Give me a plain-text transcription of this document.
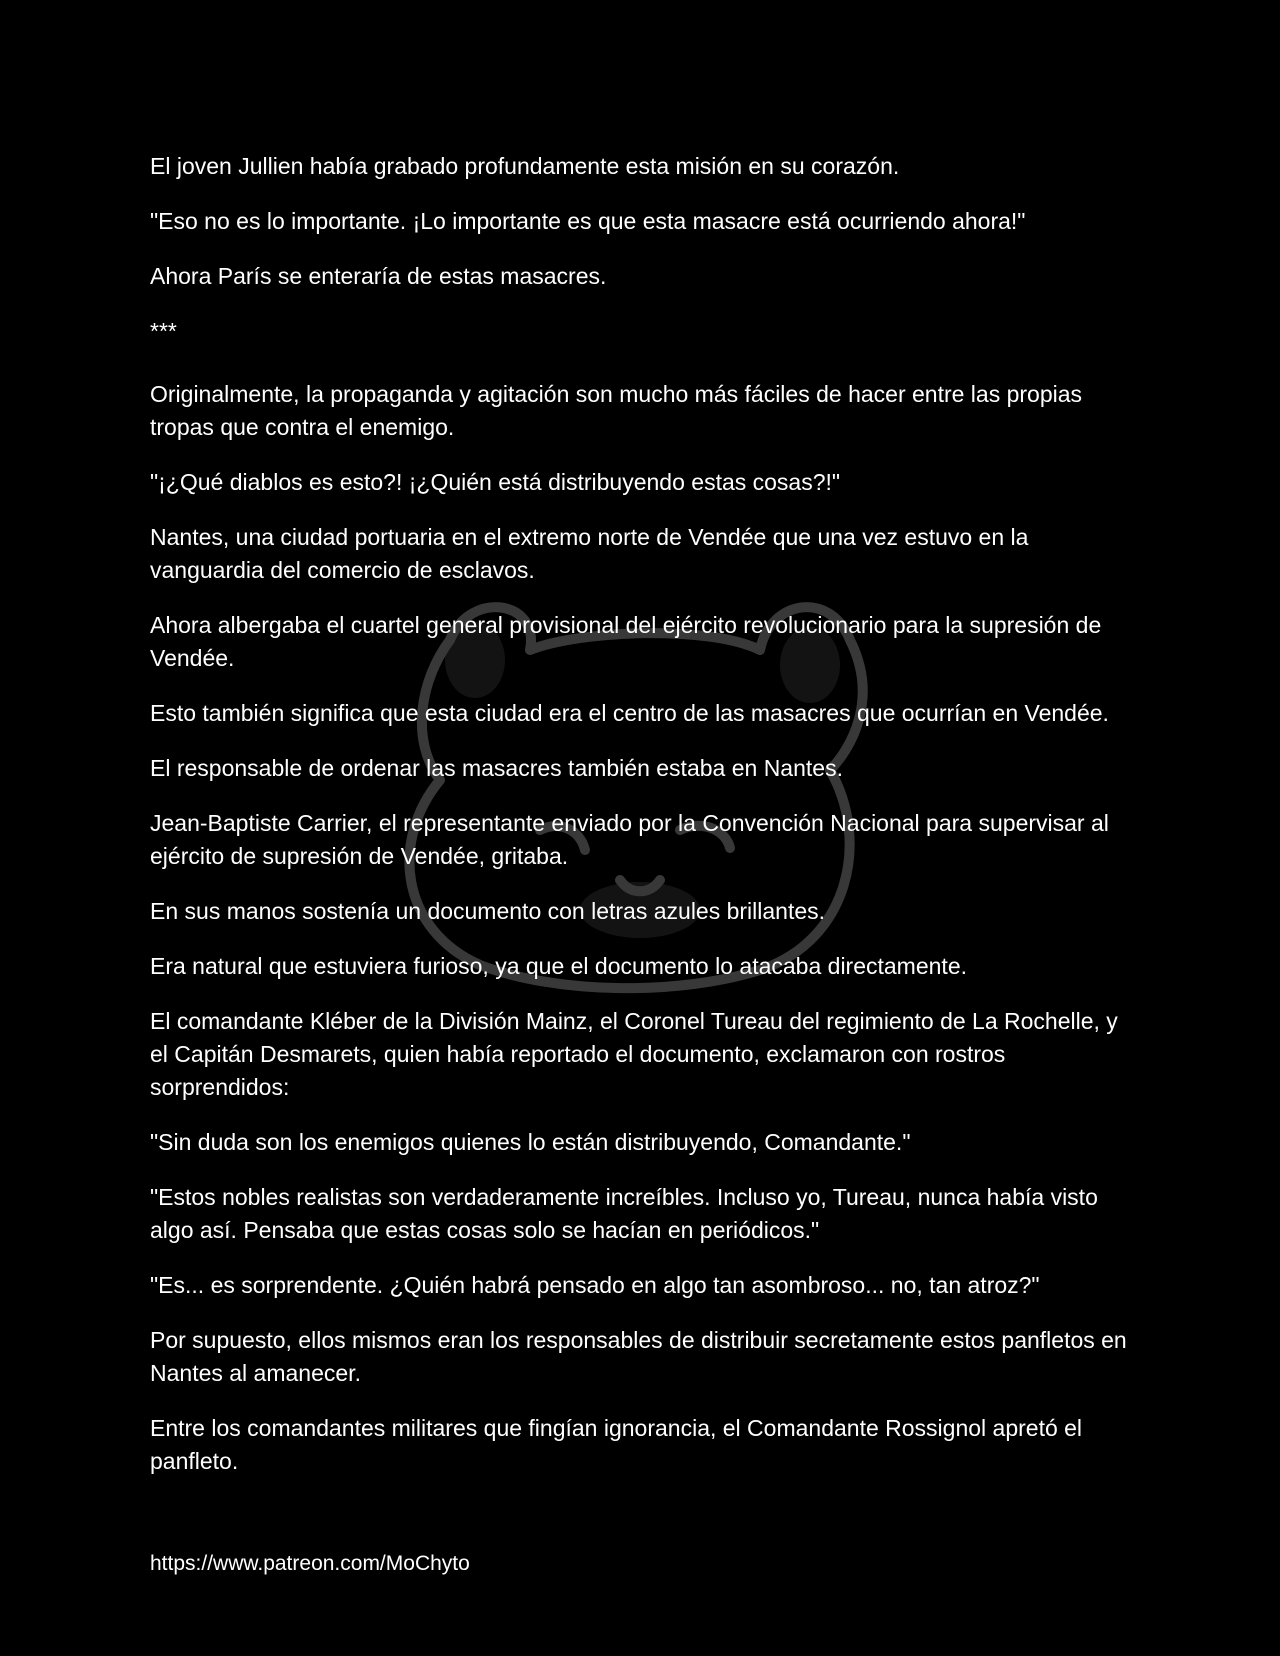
El joven Jullien había grabado profundamente esta misión en su corazón.

"Eso no es lo importante. ¡Lo importante es que esta masacre está ocurriendo ahora!"

Ahora París se enteraría de estas masacres.

***

Originalmente, la propaganda y agitación son mucho más fáciles de hacer entre las propias tropas que contra el enemigo.

"¡¿Qué diablos es esto?! ¡¿Quién está distribuyendo estas cosas?!"

Nantes, una ciudad portuaria en el extremo norte de Vendée que una vez estuvo en la vanguardia del comercio de esclavos.

Ahora albergaba el cuartel general provisional del ejército revolucionario para la supresión de Vendée.

Esto también significa que esta ciudad era el centro de las masacres que ocurrían en Vendée.

El responsable de ordenar las masacres también estaba en Nantes.

Jean-Baptiste Carrier, el representante enviado por la Convención Nacional para supervisar al ejército de supresión de Vendée, gritaba.

En sus manos sostenía un documento con letras azules brillantes.

Era natural que estuviera furioso, ya que el documento lo atacaba directamente.

El comandante Kléber de la División Mainz, el Coronel Tureau del regimiento de La Rochelle, y el Capitán Desmarets, quien había reportado el documento, exclamaron con rostros sorprendidos:

"Sin duda son los enemigos quienes lo están distribuyendo, Comandante."

"Estos nobles realistas son verdaderamente increíbles. Incluso yo, Tureau, nunca había visto algo así. Pensaba que estas cosas solo se hacían en periódicos."

"Es... es sorprendente. ¿Quién habrá pensado en algo tan asombroso... no, tan atroz?"

Por supuesto, ellos mismos eran los responsables de distribuir secretamente estos panfletos en Nantes al amanecer.

Entre los comandantes militares que fingían ignorancia, el Comandante Rossignol apretó el panfleto.

https://www.patreon.com/MoChyto
